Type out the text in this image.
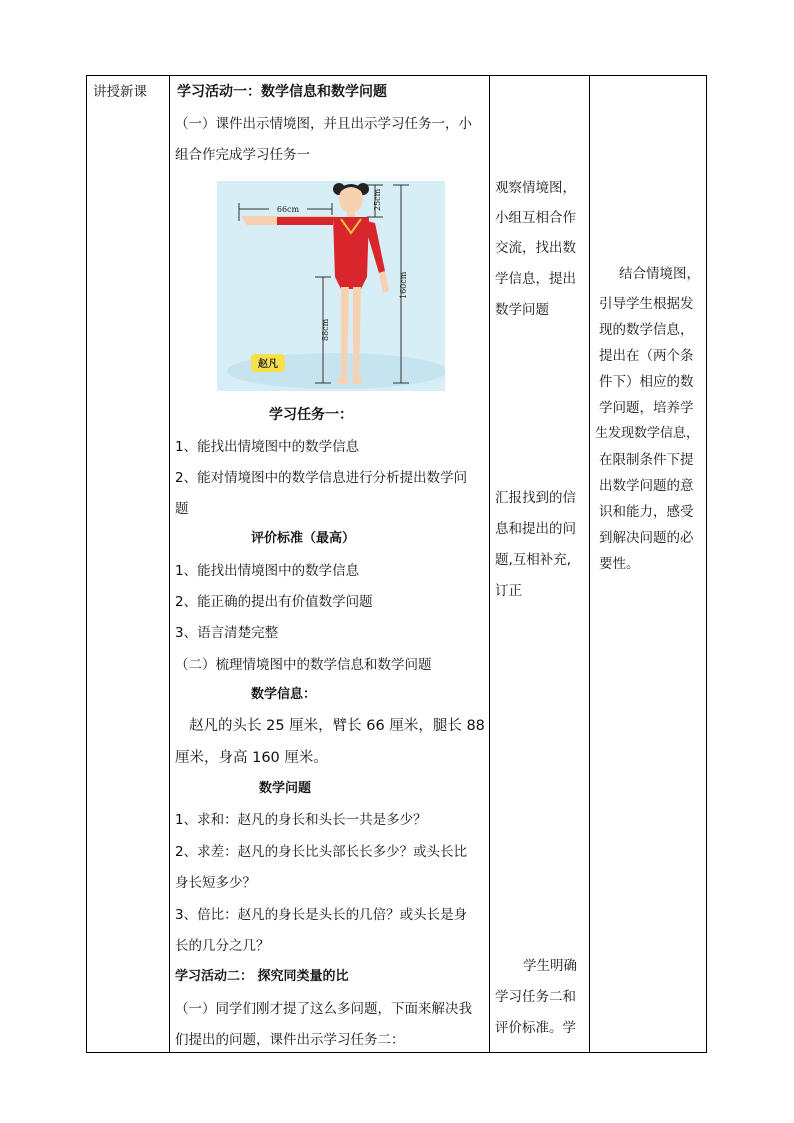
讲授新课 学习活动一：数学信息和数学问题
（一）课件出示情境图，并且出示学习任务一，小
组合作完成学习任务一
66cm	25cm
160cm
88cm
赵凡
学习任务一：
1、能找出情境图中的数学信息
2、能对情境图中的数学信息进行分析提出数学问
题
评价标准（最高）
1、能找出情境图中的数学信息
2、能正确的提出有价值数学问题
3、语言清楚完整
（二）梳理情境图中的数学信息和数学问题
数学信息：
赵凡的头长 25 厘米，臂长 66 厘米，腿长 88
厘米，身高 160 厘米。
数学问题
1、求和：赵凡的身长和头长一共是多少？
2、求差：赵凡的身长比头部长长多少？或头长比
身长短多少？
3、倍比：赵凡的身长是头长的几倍？或头长是身
长的几分之几？
学习活动二： 探究同类量的比
（一）同学们刚才提了这么多问题，下面来解决我
们提出的问题，课件出示学习任务二：
观察情境图，
小组互相合作
交流，找出数
学信息，提出
数学问题
汇报找到的信
息和提出的问
题,互相补充,
订正
学生明确
学习任务二和
评价标准。学
结合情境图，
引导学生根据发
现的数学信息，
提出在（两个条
件下）相应的数
学问题，培养学
生发现数学信息，
在限制条件下提
出数学问题的意
识和能力，感受
到解决问题的必
要性。
